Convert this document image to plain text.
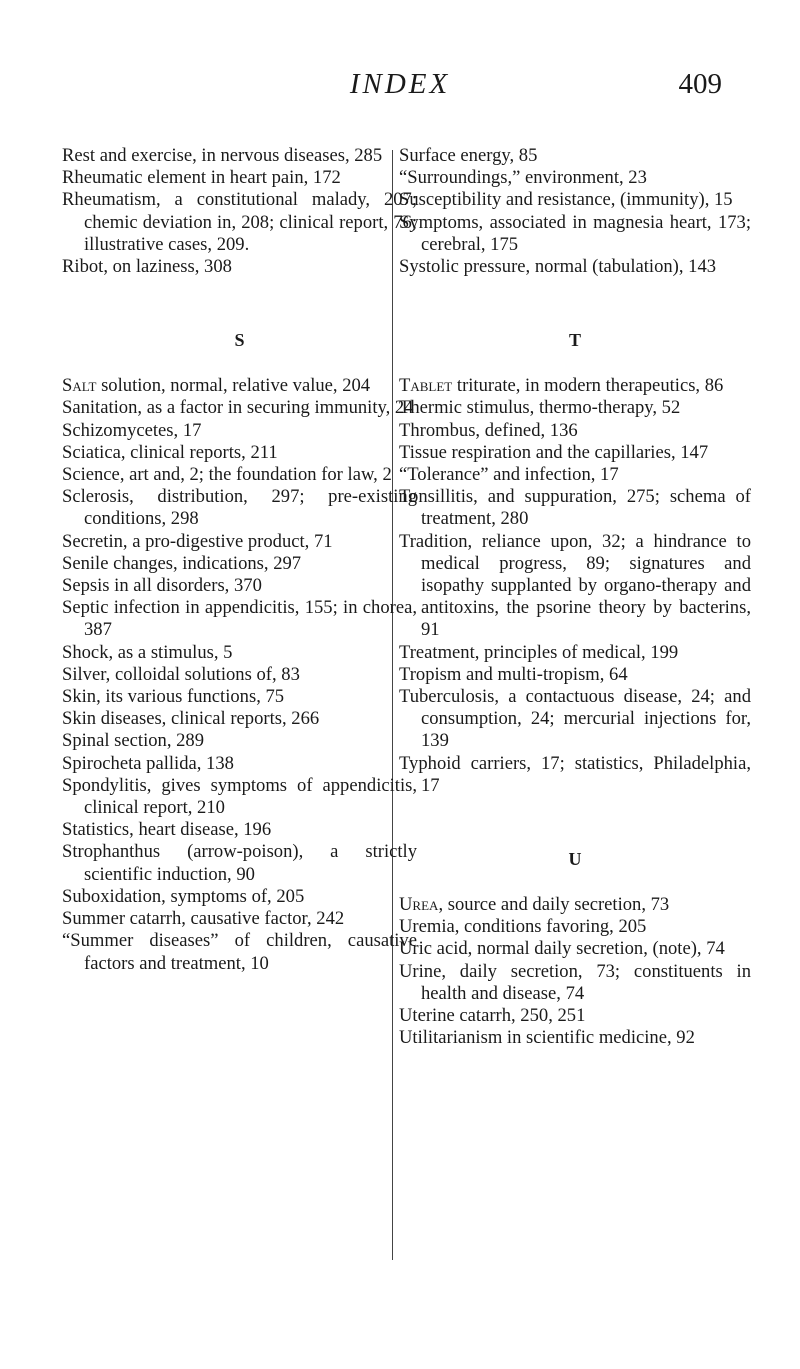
INDEX	409

Rest and exercise, in nervous diseases, 285

Rheumatic element in heart pain, 172

Rheumatism, a constitutional malady, 207; chemic deviation in, 208; clinical report, 76; illustrative cases, 209.

Ribot, on laziness, 308

S

Salt solution, normal, relative value, 204

Sanitation, as a factor in securing immunity, 24

Schizomycetes, 17

Sciatica, clinical reports, 211

Science, art and, 2; the foundation for law, 2

Sclerosis, distribution, 297; pre-existing conditions, 298

Secretin, a pro-digestive product, 71

Senile changes, indications, 297

Sepsis in all disorders, 370

Septic infection in appendicitis, 155; in chorea, 387

Shock, as a stimulus, 5

Silver, colloidal solutions of, 83

Skin, its various functions, 75

Skin diseases, clinical reports, 266

Spinal section, 289

Spirocheta pallida, 138

Spondylitis, gives symptoms of appendicitis, clinical report, 210

Statistics, heart disease, 196

Strophanthus (arrow-poison), a strictly scientific induction, 90

Suboxidation, symptoms of, 205

Summer catarrh, causative factor, 242

“Summer diseases” of children, causative factors and treatment, 10

Surface energy, 85

“Surroundings,” environment, 23

Susceptibility and resistance, (immunity), 15

Symptoms, associated in magnesia heart, 173; cerebral, 175

Systolic pressure, normal (tabulation), 143

T

Tablet triturate, in modern therapeutics, 86

Thermic stimulus, thermo-therapy, 52

Thrombus, defined, 136

Tissue respiration and the capillaries, 147

“Tolerance” and infection, 17

Tonsillitis, and suppuration, 275; schema of treatment, 280

Tradition, reliance upon, 32; a hindrance to medical progress, 89; signatures and isopathy supplanted by organo-therapy and antitoxins, the psorine theory by bacterins, 91

Treatment, principles of medical, 199

Tropism and multi-tropism, 64

Tuberculosis, a contactuous disease, 24; and consumption, 24; mercurial injections for, 139

Typhoid carriers, 17; statistics, Philadelphia, 17

U

Urea, source and daily secretion, 73

Uremia, conditions favoring, 205

Uric acid, normal daily secretion, (note), 74

Urine, daily secretion, 73; constituents in health and disease, 74

Uterine catarrh, 250, 251

Utilitarianism in scientific medicine, 92
